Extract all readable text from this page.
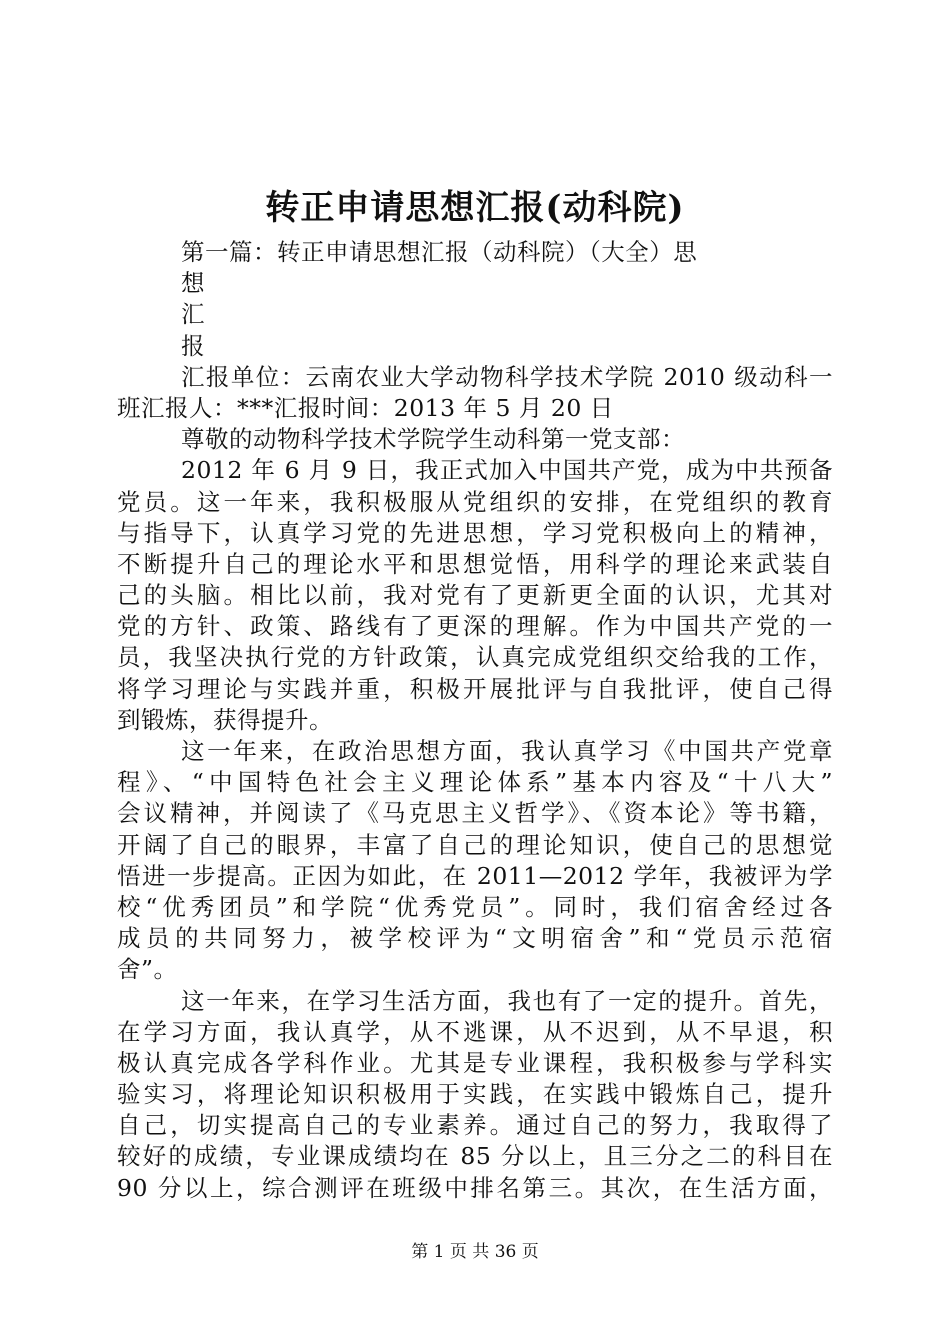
转正申请思想汇报(动科院)
第一篇：转正申请思想汇报（动科院）（大全）思
想
汇
报
汇报单位：云南农业大学动物科学技术学院 2010 级动科一
班汇报人：***汇报时间：2013 年 5 月 20 日
尊敬的动物科学技术学院学生动科第一党支部：
2012 年 6 月 9 日，我正式加入中国共产党，成为中共预备
党员。这一年来，我积极服从党组织的安排，在党组织的教育
与指导下，认真学习党的先进思想，学习党积极向上的精神，
不断提升自己的理论水平和思想觉悟，用科学的理论来武装自
己的头脑。相比以前，我对党有了更新更全面的认识，尤其对
党的方针、政策、路线有了更深的理解。作为中国共产党的一
员，我坚决执行党的方针政策，认真完成党组织交给我的工作，
将学习理论与实践并重，积极开展批评与自我批评，使自己得
到锻炼，获得提升。
这一年来，在政治思想方面，我认真学习《中国共产党章
程》、“中国特色社会主义理论体系”基本内容及“十八大”
会议精神，并阅读了《马克思主义哲学》、《资本论》等书籍，
开阔了自己的眼界，丰富了自己的理论知识，使自己的思想觉
悟进一步提高。正因为如此，在 2011—2012 学年，我被评为学
校“优秀团员”和学院“优秀党员”。同时，我们宿舍经过各
成员的共同努力，被学校评为“文明宿舍”和“党员示范宿
舍”。
这一年来，在学习生活方面，我也有了一定的提升。首先，
在学习方面，我认真学，从不逃课，从不迟到，从不早退，积
极认真完成各学科作业。尤其是专业课程，我积极参与学科实
验实习，将理论知识积极用于实践，在实践中锻炼自己，提升
自己，切实提高自己的专业素养。通过自己的努力，我取得了
较好的成绩，专业课成绩均在 85 分以上，且三分之二的科目在
90 分以上，综合测评在班级中排名第三。其次，在生活方面，
第 1 页 共 36 页
